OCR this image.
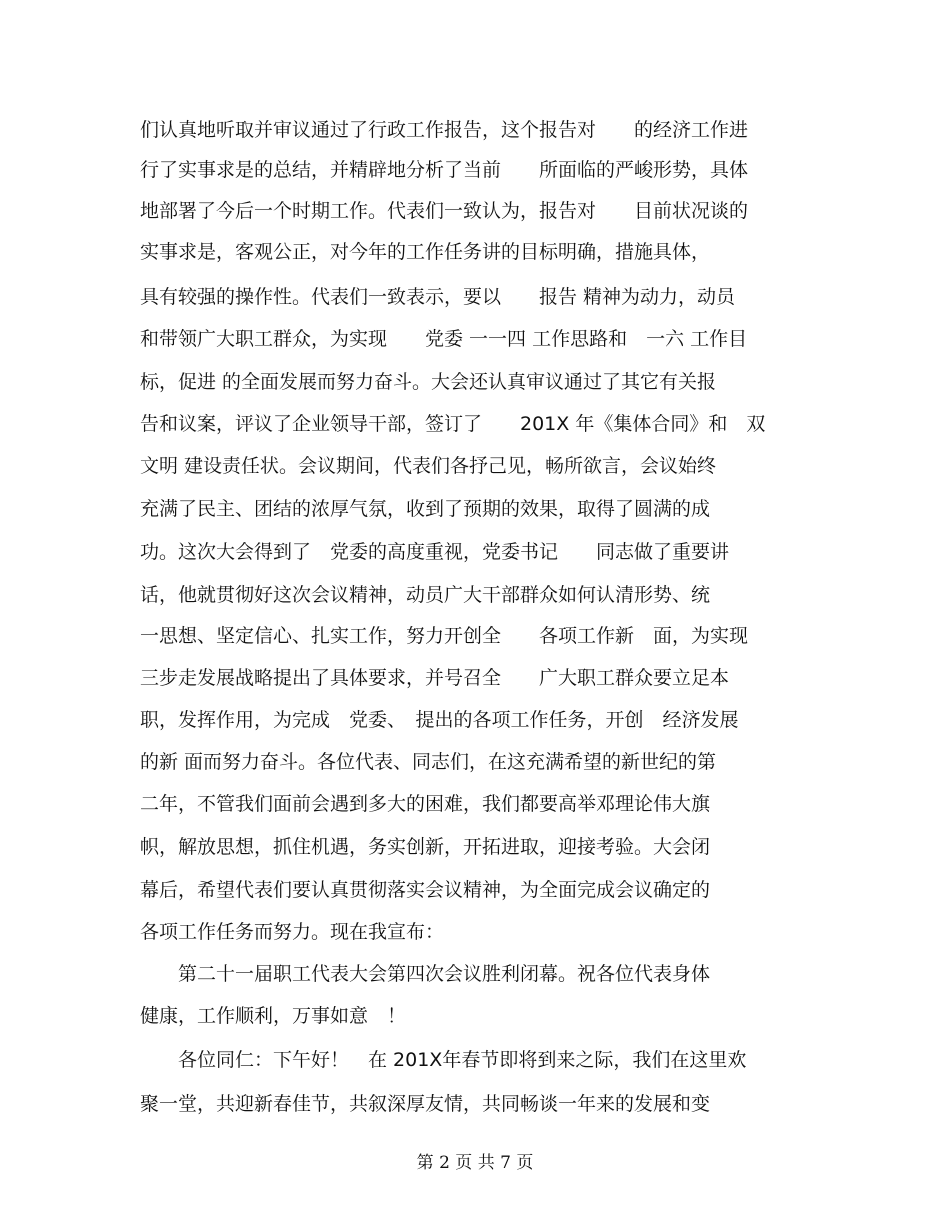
们认真地听取并审议通过了行政工作报告，这个报告对　　的经济工作进
行了实事求是的总结，并精辟地分析了当前　　所面临的严峻形势，具体
地部署了今后一个时期工作。代表们一致认为，报告对　　目前状况谈的
实事求是，客观公正，对今年的工作任务讲的目标明确，措施具体，
具有较强的操作性。代表们一致表示，要以　　报告 精神为动力，动员
和带领广大职工群众，为实现　　党委 一一四 工作思路和　一六 工作目
标，促进 的全面发展而努力奋斗。大会还认真审议通过了其它有关报
告和议案，评议了企业领导干部，签订了　　201X 年《集体合同》和　双
文明 建设责任状。会议期间，代表们各抒己见，畅所欲言，会议始终
充满了民主、团结的浓厚气氛，收到了预期的效果，取得了圆满的成
功。这次大会得到了　党委的高度重视，党委书记　　同志做了重要讲
话，他就贯彻好这次会议精神，动员广大干部群众如何认清形势、统
一思想、坚定信心、扎实工作，努力开创全　　各项工作新　面，为实现
三步走发展战略提出了具体要求，并号召全　　广大职工群众要立足本
职，发挥作用，为完成　党委、　提出的各项工作任务，开创　经济发展
的新 面而努力奋斗。各位代表、同志们，在这充满希望的新世纪的第
二年，不管我们面前会遇到多大的困难，我们都要高举邓理论伟大旗
帜，解放思想，抓住机遇，务实创新，开拓进取，迎接考验。大会闭
幕后，希望代表们要认真贯彻落实会议精神，为全面完成会议确定的
各项工作任务而努力。现在我宣布：
　　第二十一届职工代表大会第四次会议胜利闭幕。祝各位代表身体
健康，工作顺利，万事如意　！
　　各位同仁：下午好！　在 201X年春节即将到来之际，我们在这里欢
聚一堂，共迎新春佳节，共叙深厚友情，共同畅谈一年来的发展和变
第 2 页 共 7 页
